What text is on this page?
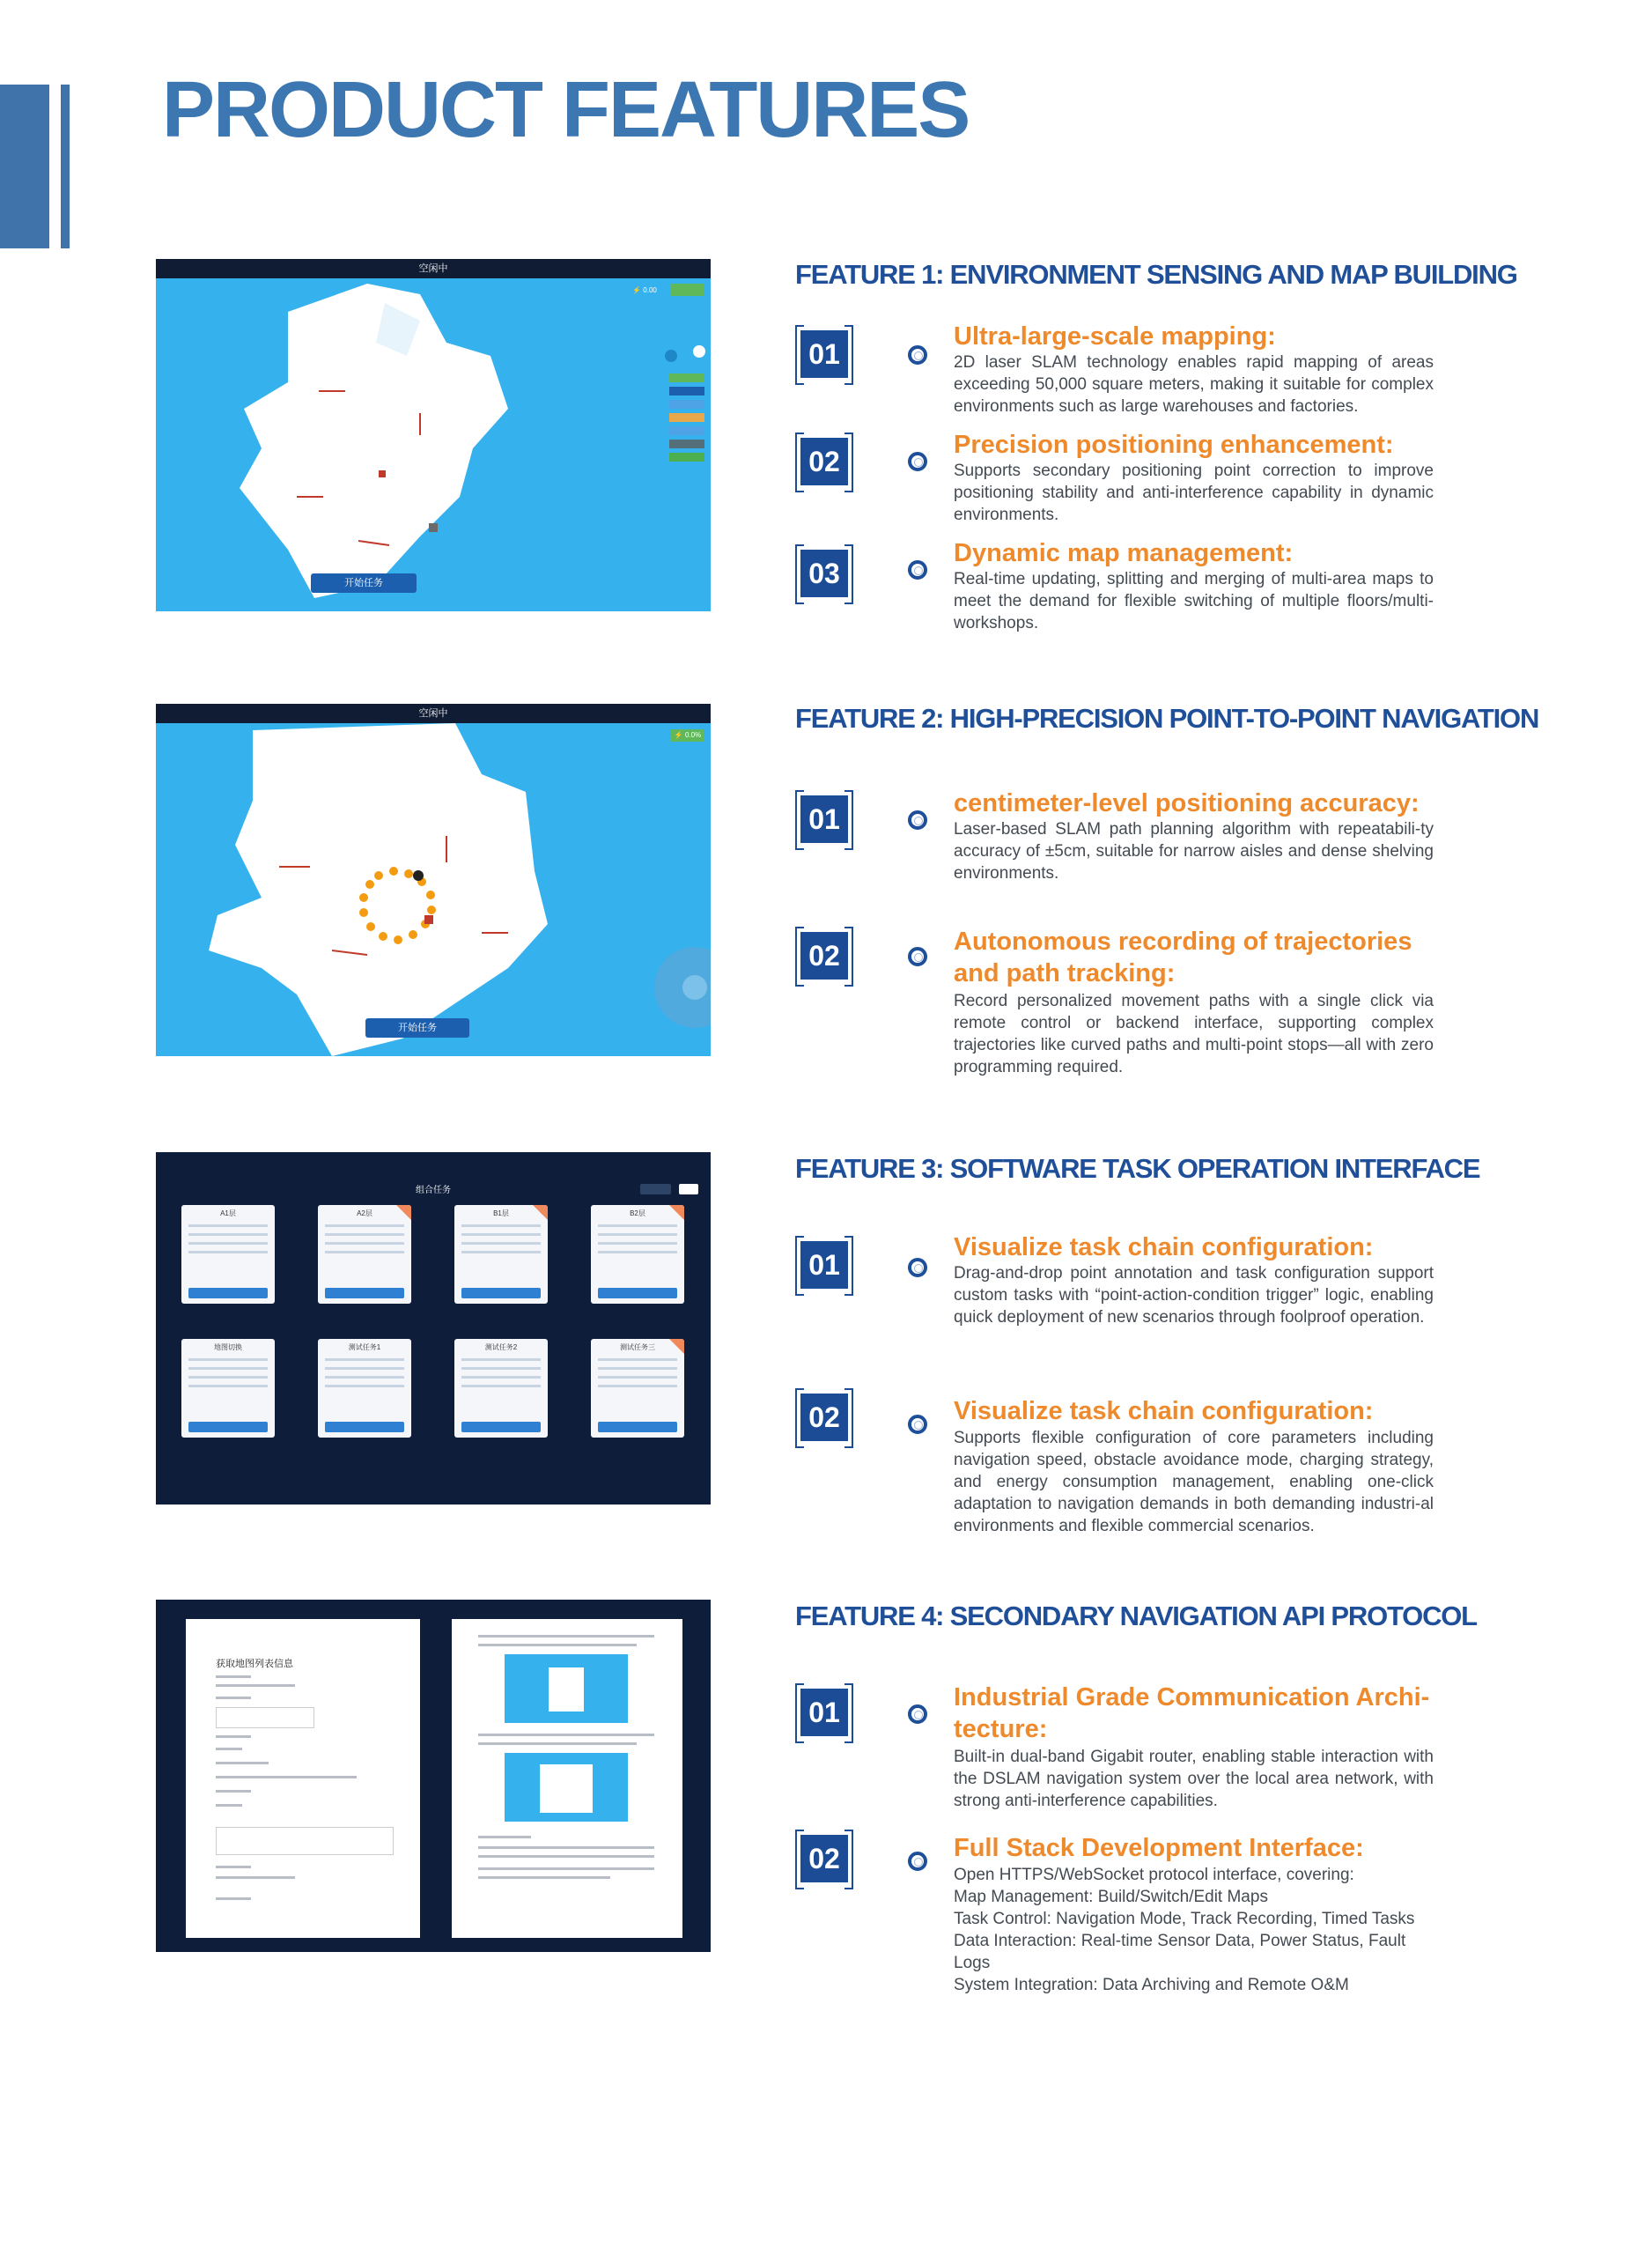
PRODUCT FEATURES
空闲中
⚡ 0.00
开始任务
FEATURE 1: ENVIRONMENT SENSING AND MAP BUILDING
01

Ultra-large-scale mapping:

2D laser SLAM technology enables rapid mapping of areas exceeding 50,000 square meters, making it suitable for complex environments such as large warehouses and factories.

02

Precision positioning enhancement:

Supports secondary positioning point correction to improve positioning stability and anti-interference capability in dynamic environments.

03

Dynamic map management:

Real-time updating, splitting and merging of multi-area maps to meet the demand for flexible switching of multiple floors/multi-workshops.

空闲中
⚡ 0.0%
开始任务
FEATURE 2: HIGH-PRECISION POINT-TO-POINT NAVIGATION
01	centimeter-level positioning accuracy:

Laser-based SLAM path planning algorithm with repeatabili-ty accuracy of ±5cm, suitable for narrow aisles and dense shelving environments.

02	Autonomous recording of trajectories and path tracking:

Record personalized movement paths with a single click via remote control or backend interface, supporting complex trajectories like curved paths and multi-point stops—all with zero programming required.

组合任务
A1层	A2层	B1层	B2层
地图切换	测试任务1	测试任务2	测试任务三
FEATURE 3: SOFTWARE TASK OPERATION INTERFACE
01

Visualize task chain configuration:

Drag-and-drop point annotation and task configuration support custom tasks with “point-action-condition trigger” logic, enabling quick deployment of new scenarios through foolproof operation.

02	Visualize task chain configuration:

Supports flexible configuration of core parameters including navigation speed, obstacle avoidance mode, charging strategy, and energy consumption management, enabling one-click adaptation to navigation demands in both demanding industri-al environments and flexible commercial scenarios.

获取地图列表信息
FEATURE 4: SECONDARY NAVIGATION API PROTOCOL
01	Industrial Grade Communication Archi-tecture:

Built-in dual-band Gigabit router, enabling stable interaction with the DSLAM navigation system over the local area network, with strong anti-interference capabilities.

02	Full Stack Development Interface:

Open HTTPS/WebSocket protocol interface, covering:
Map Management: Build/Switch/Edit Maps
Task Control: Navigation Mode, Track Recording, Timed Tasks
Data Interaction: Real-time Sensor Data, Power Status, Fault Logs
System Integration: Data Archiving and Remote O&M
